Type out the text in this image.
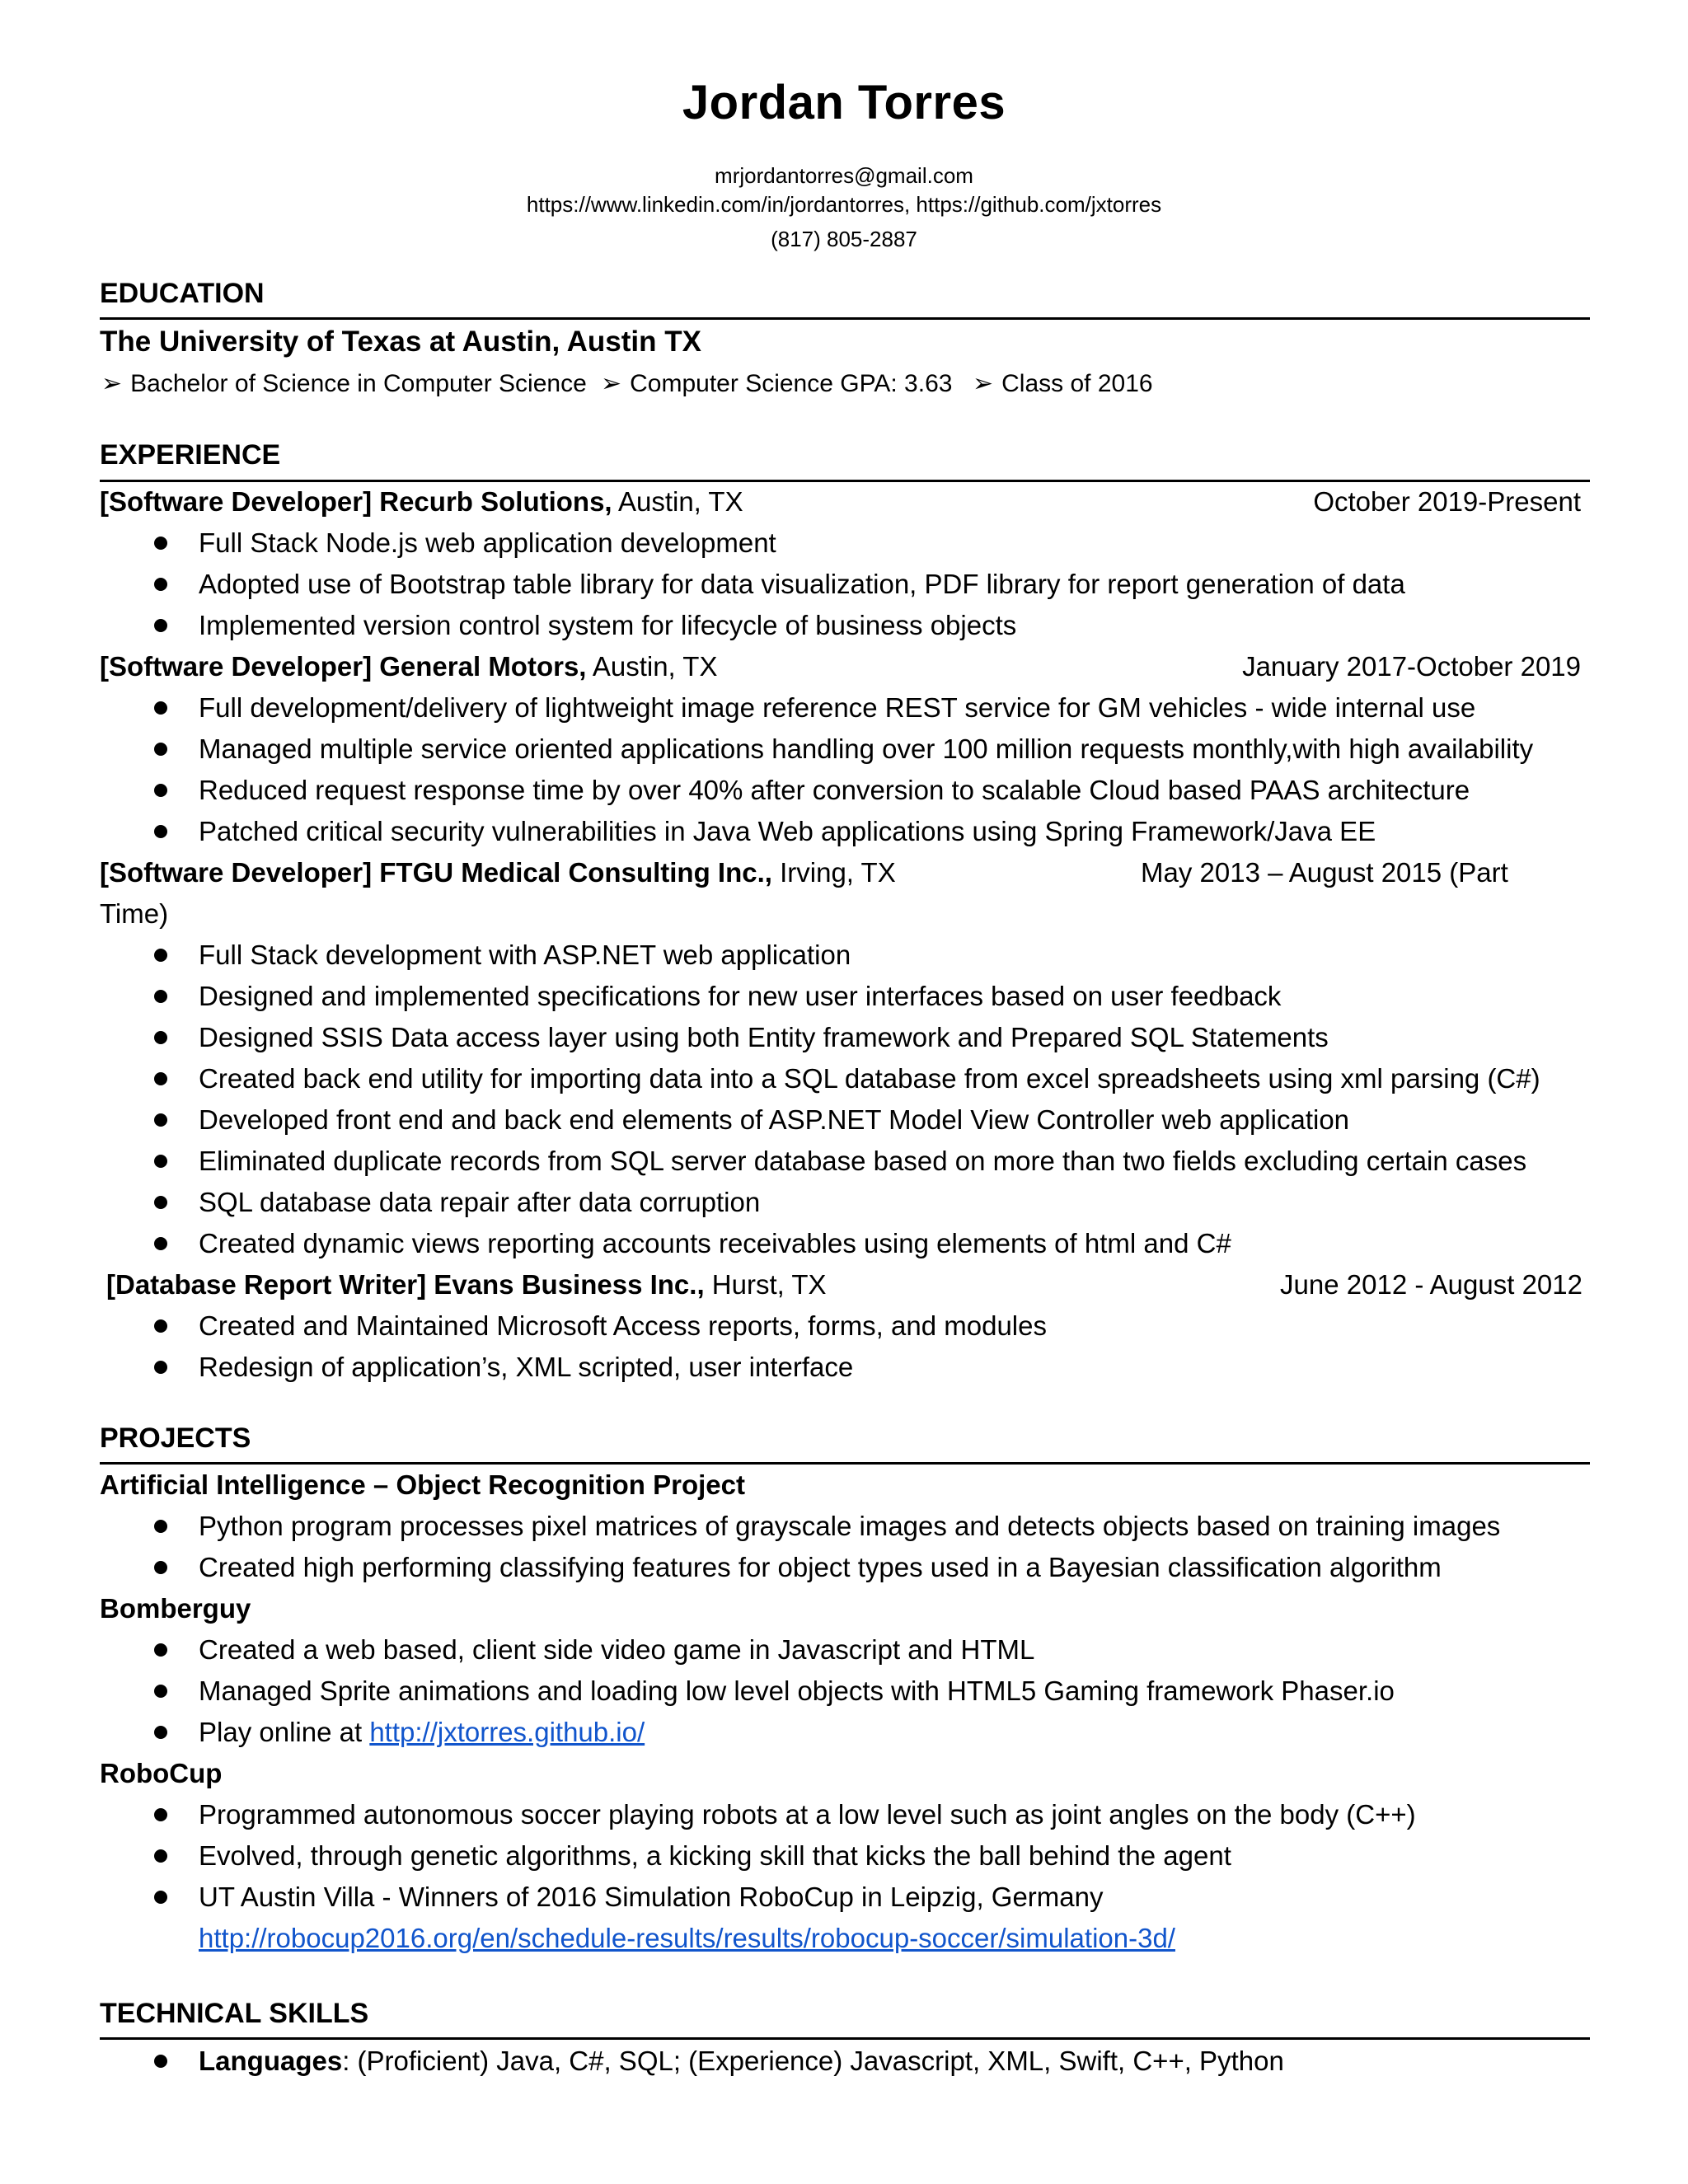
Jordan Torres
mrjordantorres@gmail.com
https://www.linkedin.com/in/jordantorres, https://github.com/jxtorres
(817) 805-2887
EDUCATION
The University of Texas at Austin, Austin TX
➢ Bachelor of Science in Computer Science ➢ Computer Science GPA: 3.63 ➢ Class of 2016
EXPERIENCE
[Software Developer] Recurb Solutions, Austin, TX	October 2019-Present
Full Stack Node.js web application development
Adopted use of Bootstrap table library for data visualization, PDF library for report generation of data
Implemented version control system for lifecycle of business objects
[Software Developer] General Motors, Austin, TX	January 2017-October 2019
Full development/delivery of lightweight image reference REST service for GM vehicles - wide internal use
Managed multiple service oriented applications handling over 100 million requests monthly,with high availability
Reduced request response time by over 40% after conversion to scalable Cloud based PAAS architecture
Patched critical security vulnerabilities in Java Web applications using Spring Framework/Java EE
[Software Developer] FTGU Medical Consulting Inc., Irving, TX	May 2013 – August 2015 (Part
Time)
Full Stack development with ASP.NET web application
Designed and implemented specifications for new user interfaces based on user feedback
Designed SSIS Data access layer using both Entity framework and Prepared SQL Statements
Created back end utility for importing data into a SQL database from excel spreadsheets using xml parsing (C#)
Developed front end and back end elements of ASP.NET Model View Controller web application
Eliminated duplicate records from SQL server database based on more than two fields excluding certain cases
SQL database data repair after data corruption
Created dynamic views reporting accounts receivables using elements of html and C#
[Database Report Writer] Evans Business Inc., Hurst, TX	June 2012 - August 2012
Created and Maintained Microsoft Access reports, forms, and modules
Redesign of application’s, XML scripted, user interface
PROJECTS
Artificial Intelligence – Object Recognition Project
Python program processes pixel matrices of grayscale images and detects objects based on training images
Created high performing classifying features for object types used in a Bayesian classification algorithm
Bomberguy
Created a web based, client side video game in Javascript and HTML
Managed Sprite animations and loading low level objects with HTML5 Gaming framework Phaser.io
Play online at http://jxtorres.github.io/
RoboCup
Programmed autonomous soccer playing robots at a low level such as joint angles on the body (C++)
Evolved, through genetic algorithms, a kicking skill that kicks the ball behind the agent
UT Austin Villa - Winners of 2016 Simulation RoboCup in Leipzig, Germany
http://robocup2016.org/en/schedule-results/results/robocup-soccer/simulation-3d/
TECHNICAL SKILLS
Languages: (Proficient) Java, C#, SQL; (Experience) Javascript, XML, Swift, C++, Python
